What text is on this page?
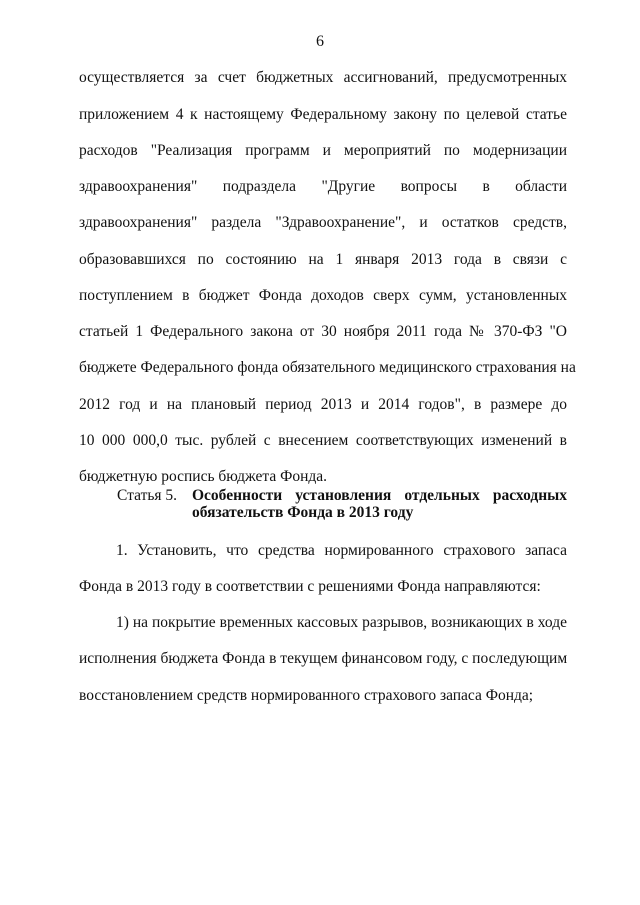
6
осуществляется за счет бюджетных ассигнований, предусмотренных
приложением 4 к настоящему Федеральному закону по целевой статье
расходов "Реализация программ и мероприятий по модернизации
здравоохранения" подраздела "Другие вопросы в области
здравоохранения" раздела "Здравоохранение", и остатков средств,
образовавшихся по состоянию на 1 января 2013 года в связи с
поступлением в бюджет Фонда доходов сверх сумм, установленных
статьей 1 Федерального закона от 30 ноября 2011 года № 370-ФЗ "О
бюджете Федерального фонда обязательного медицинского страхования на
2012 год и на плановый период 2013 и 2014 годов", в размере до
10 000 000,0 тыс. рублей с внесением соответствующих изменений в
бюджетную роспись бюджета Фонда.
Статья 5. Особенности установления отдельных расходных
обязательств Фонда в 2013 году
1. Установить, что средства нормированного страхового запаса
Фонда в 2013 году в соответствии с решениями Фонда направляются:
1) на покрытие временных кассовых разрывов, возникающих в ходе
исполнения бюджета Фонда в текущем финансовом году, с последующим
восстановлением средств нормированного страхового запаса Фонда;
